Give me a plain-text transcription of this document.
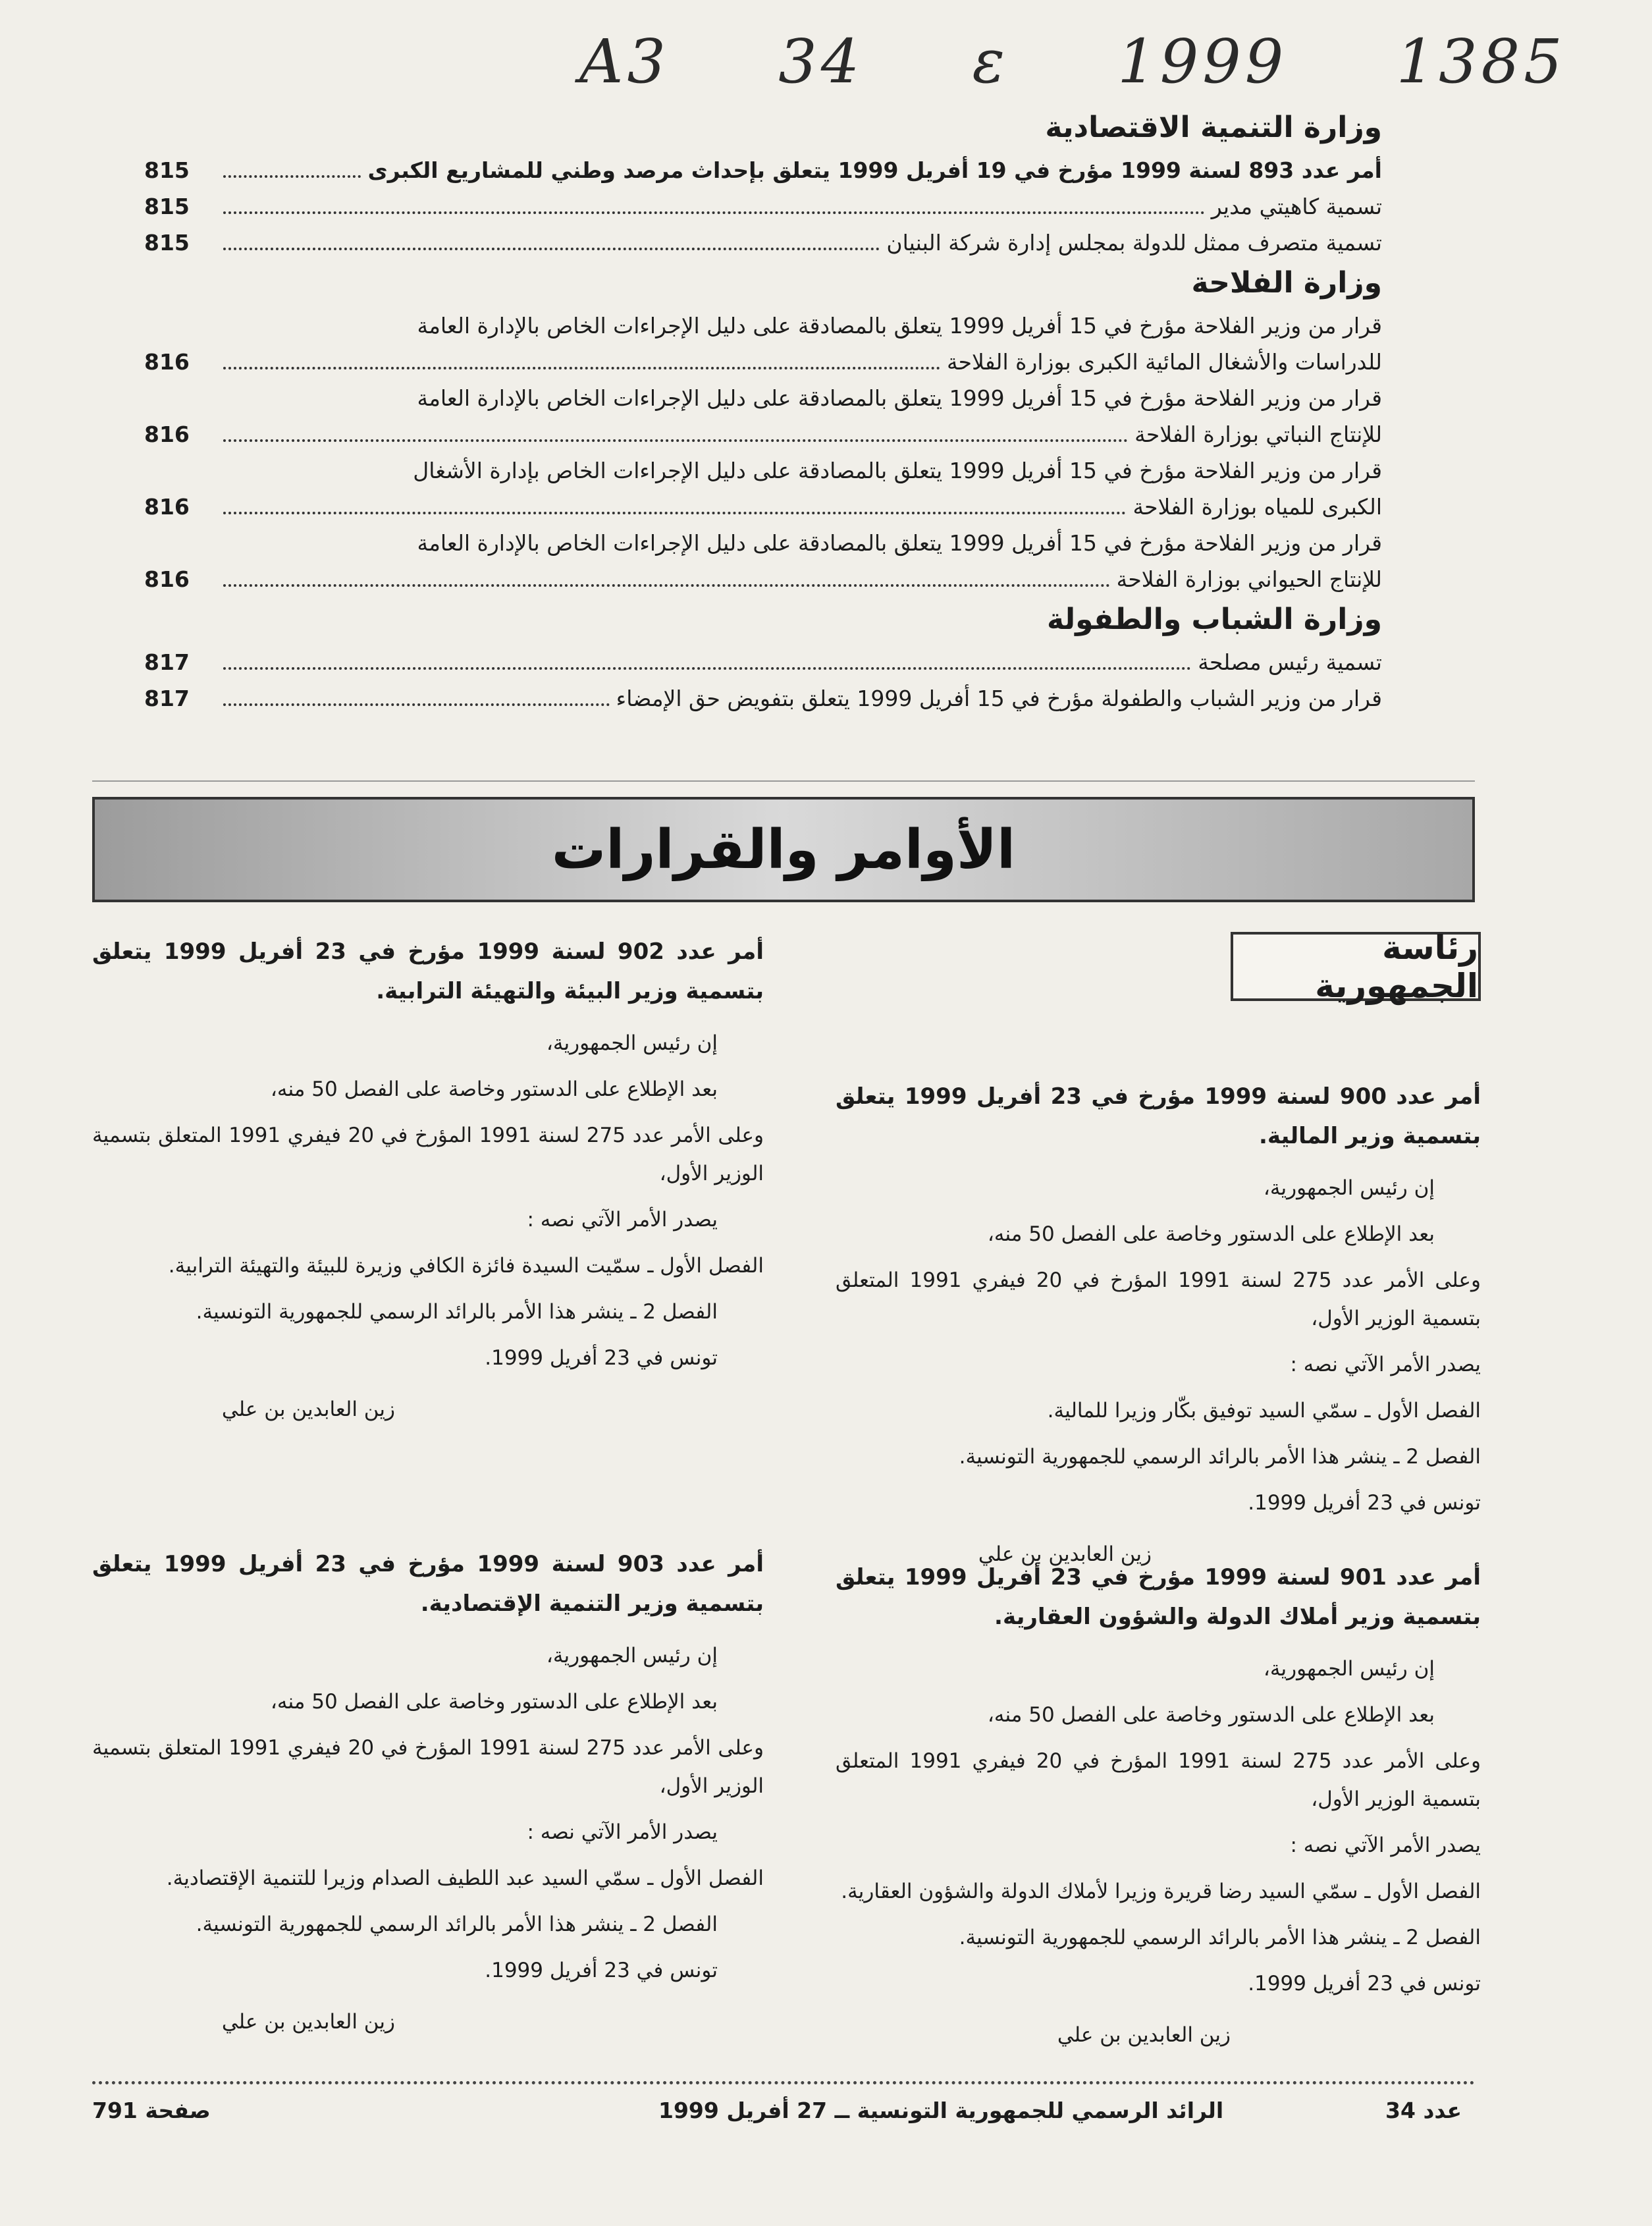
A3 34 ε 1999 1385
وزارة التنمية الاقتصادية
أمر عدد 893 لسنة 1999 مؤرخ في 19 أفريل 1999 يتعلق بإحداث مرصد وطني للمشاريع الكبرى
815
تسمية كاهيتي مدير
815
تسمية متصرف ممثل للدولة بمجلس إدارة شركة البنيان
815
وزارة الفلاحة
قرار من وزير الفلاحة مؤرخ في 15 أفريل 1999 يتعلق بالمصادقة على دليل الإجراءات الخاص بالإدارة العامة
للدراسات والأشغال المائية الكبرى بوزارة الفلاحة
816
قرار من وزير الفلاحة مؤرخ في 15 أفريل 1999 يتعلق بالمصادقة على دليل الإجراءات الخاص بالإدارة العامة
للإنتاج النباتي بوزارة الفلاحة
816
قرار من وزير الفلاحة مؤرخ في 15 أفريل 1999 يتعلق بالمصادقة على دليل الإجراءات الخاص بإدارة الأشغال
الكبرى للمياه بوزارة الفلاحة
816
قرار من وزير الفلاحة مؤرخ في 15 أفريل 1999 يتعلق بالمصادقة على دليل الإجراءات الخاص بالإدارة العامة
للإنتاج الحيواني بوزارة الفلاحة
816
وزارة الشباب والطفولة
تسمية رئيس مصلحة
817
قرار من وزير الشباب والطفولة مؤرخ في 15 أفريل 1999 يتعلق بتفويض حق الإمضاء
817
الأوامر والقرارات
رئاسة الجمهورية

أمر عدد 900 لسنة 1999 مؤرخ في 23 أفريل 1999 يتعلق بتسمية وزير المالية.

إن رئيس الجمهورية،

بعد الإطلاع على الدستور وخاصة على الفصل 50 منه،

وعلى الأمر عدد 275 لسنة 1991 المؤرخ في 20 فيفري 1991 المتعلق بتسمية الوزير الأول،

يصدر الأمر الآتي نصه :

الفصل الأول ـ سمّي السيد توفيق بكّار وزيرا للمالية.

الفصل 2 ـ ينشر هذا الأمر بالرائد الرسمي للجمهورية التونسية.

تونس في 23 أفريل 1999.

زين العابدين بن علي

أمر عدد 901 لسنة 1999 مؤرخ في 23 أفريل 1999 يتعلق بتسمية وزير أملاك الدولة والشؤون العقارية.

إن رئيس الجمهورية،

بعد الإطلاع على الدستور وخاصة على الفصل 50 منه،

وعلى الأمر عدد 275 لسنة 1991 المؤرخ في 20 فيفري 1991 المتعلق بتسمية الوزير الأول،

يصدر الأمر الآتي نصه :

الفصل الأول ـ سمّي السيد رضا قريرة وزيرا لأملاك الدولة والشؤون العقارية.

الفصل 2 ـ ينشر هذا الأمر بالرائد الرسمي للجمهورية التونسية.

تونس في 23 أفريل 1999.

زين العابدين بن علي

أمر عدد 902 لسنة 1999 مؤرخ في 23 أفريل 1999 يتعلق بتسمية وزير البيئة والتهيئة الترابية.

إن رئيس الجمهورية،

بعد الإطلاع على الدستور وخاصة على الفصل 50 منه،

وعلى الأمر عدد 275 لسنة 1991 المؤرخ في 20 فيفري 1991 المتعلق بتسمية الوزير الأول،

يصدر الأمر الآتي نصه :

الفصل الأول ـ سمّيت السيدة فائزة الكافي وزيرة للبيئة والتهيئة الترابية.

الفصل 2 ـ ينشر هذا الأمر بالرائد الرسمي للجمهورية التونسية.

تونس في 23 أفريل 1999.

زين العابدين بن علي

أمر عدد 903 لسنة 1999 مؤرخ في 23 أفريل 1999 يتعلق بتسمية وزير التنمية الإقتصادية.

إن رئيس الجمهورية،

بعد الإطلاع على الدستور وخاصة على الفصل 50 منه،

وعلى الأمر عدد 275 لسنة 1991 المؤرخ في 20 فيفري 1991 المتعلق بتسمية الوزير الأول،

يصدر الأمر الآتي نصه :

الفصل الأول ـ سمّي السيد عبد اللطيف الصدام وزيرا للتنمية الإقتصادية.

الفصل 2 ـ ينشر هذا الأمر بالرائد الرسمي للجمهورية التونسية.

تونس في 23 أفريل 1999.

زين العابدين بن علي

عدد 34
الرائد الرسمي للجمهورية التونسية ــ 27 أفريل 1999
صفحة 791
